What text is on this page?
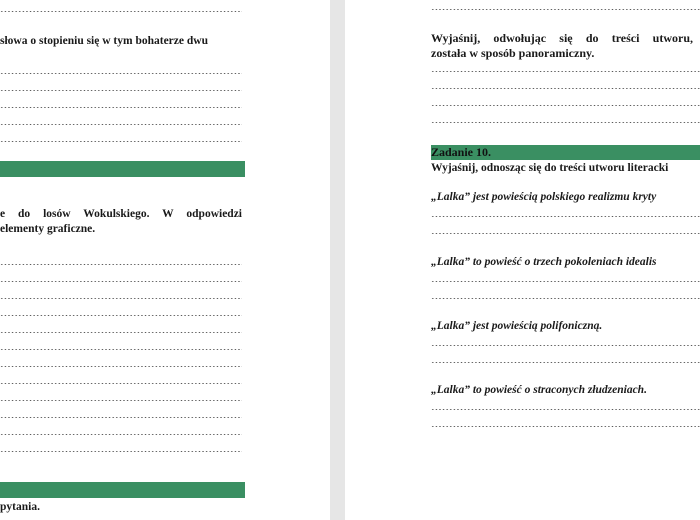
słowa o stopieniu się w tym bohaterze dwu
e do losów Wokulskiego. W odpowiedzi
elementy graficzne.
pytania.
Wyjaśnij, odwołując się do treści utworu,
została w sposób panoramiczny.
Zadanie 10.
Wyjaśnij, odnosząc się do treści utworu literacki
„Lalka” jest powieścią polskiego realizmu kryty
„Lalka” to powieść o trzech pokoleniach idealis
„Lalka” jest powieścią polifoniczną.
„Lalka” to powieść o straconych złudzeniach.
